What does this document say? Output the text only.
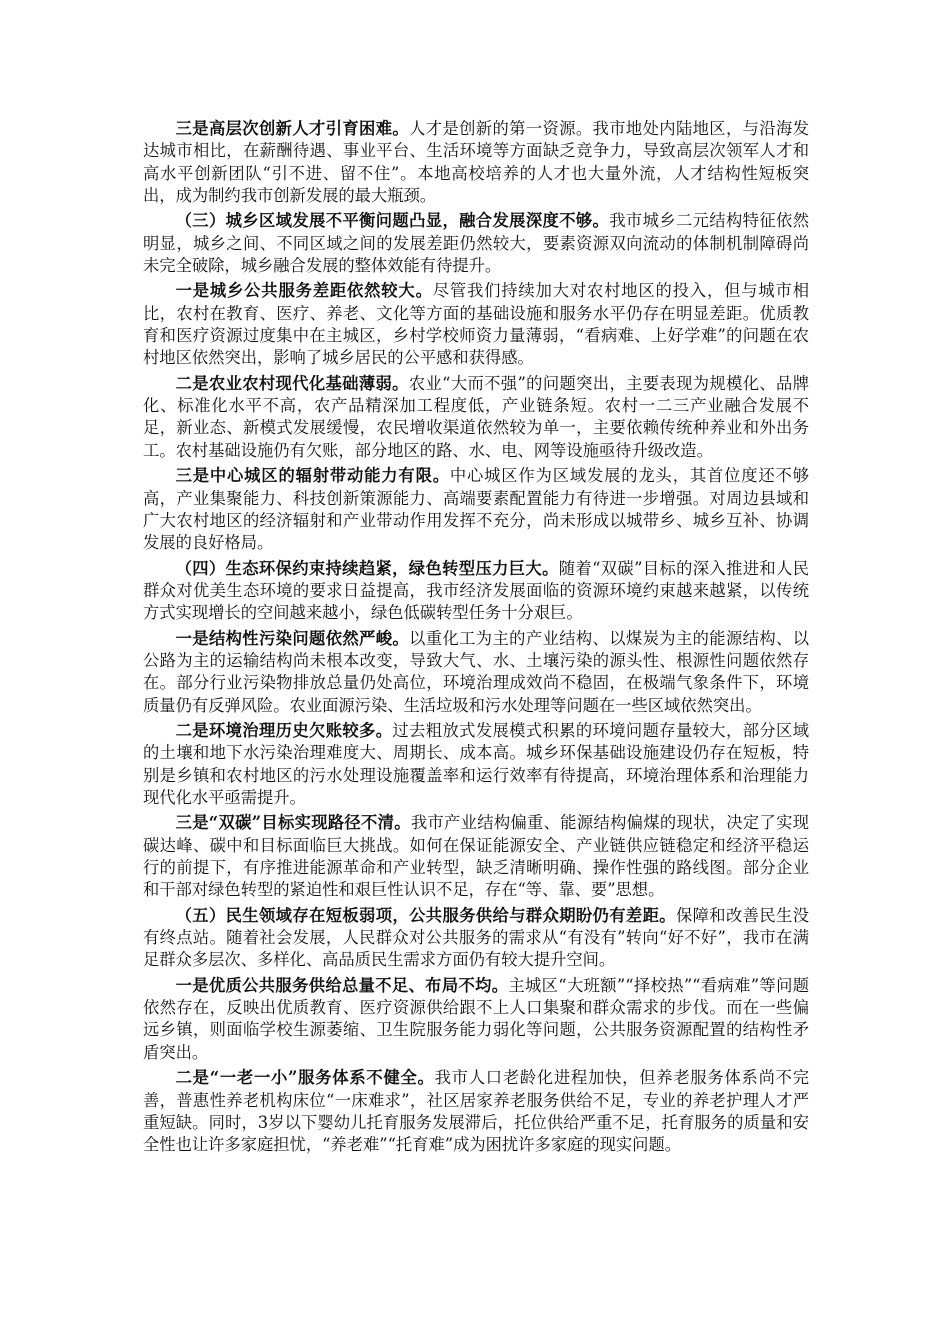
三是高层次创新人才引育困难。人才是创新的第一资源。我市地处内陆地区，与沿海发达城市相比，在薪酬待遇、事业平台、生活环境等方面缺乏竞争力，导致高层次领军人才和高水平创新团队“引不进、留不住”。本地高校培养的人才也大量外流，人才结构性短板突出，成为制约我市创新发展的最大瓶颈。

（三）城乡区域发展不平衡问题凸显，融合发展深度不够。我市城乡二元结构特征依然明显，城乡之间、不同区域之间的发展差距仍然较大，要素资源双向流动的体制机制障碍尚未完全破除，城乡融合发展的整体效能有待提升。

一是城乡公共服务差距依然较大。尽管我们持续加大对农村地区的投入，但与城市相比，农村在教育、医疗、养老、文化等方面的基础设施和服务水平仍存在明显差距。优质教育和医疗资源过度集中在主城区，乡村学校师资力量薄弱，“看病难、上好学难”的问题在农村地区依然突出，影响了城乡居民的公平感和获得感。

二是农业农村现代化基础薄弱。农业“大而不强”的问题突出，主要表现为规模化、品牌化、标准化水平不高，农产品精深加工程度低，产业链条短。农村一二三产业融合发展不足，新业态、新模式发展缓慢，农民增收渠道依然较为单一，主要依赖传统种养业和外出务工。农村基础设施仍有欠账，部分地区的路、水、电、网等设施亟待升级改造。

三是中心城区的辐射带动能力有限。中心城区作为区域发展的龙头，其首位度还不够高，产业集聚能力、科技创新策源能力、高端要素配置能力有待进一步增强。对周边县域和广大农村地区的经济辐射和产业带动作用发挥不充分，尚未形成以城带乡、城乡互补、协调发展的良好格局。

（四）生态环保约束持续趋紧，绿色转型压力巨大。随着“双碳”目标的深入推进和人民群众对优美生态环境的要求日益提高，我市经济发展面临的资源环境约束越来越紧，以传统方式实现增长的空间越来越小，绿色低碳转型任务十分艰巨。

一是结构性污染问题依然严峻。以重化工为主的产业结构、以煤炭为主的能源结构、以公路为主的运输结构尚未根本改变，导致大气、水、土壤污染的源头性、根源性问题依然存在。部分行业污染物排放总量仍处高位，环境治理成效尚不稳固，在极端气象条件下，环境质量仍有反弹风险。农业面源污染、生活垃圾和污水处理等问题在一些区域依然突出。

二是环境治理历史欠账较多。过去粗放式发展模式积累的环境问题存量较大，部分区域的土壤和地下水污染治理难度大、周期长、成本高。城乡环保基础设施建设仍存在短板，特别是乡镇和农村地区的污水处理设施覆盖率和运行效率有待提高，环境治理体系和治理能力现代化水平亟需提升。

三是“双碳”目标实现路径不清。我市产业结构偏重、能源结构偏煤的现状，决定了实现碳达峰、碳中和目标面临巨大挑战。如何在保证能源安全、产业链供应链稳定和经济平稳运行的前提下，有序推进能源革命和产业转型，缺乏清晰明确、操作性强的路线图。部分企业和干部对绿色转型的紧迫性和艰巨性认识不足，存在“等、靠、要”思想。

（五）民生领域存在短板弱项，公共服务供给与群众期盼仍有差距。保障和改善民生没有终点站。随着社会发展，人民群众对公共服务的需求从“有没有”转向“好不好”，我市在满足群众多层次、多样化、高品质民生需求方面仍有较大提升空间。

一是优质公共服务供给总量不足、布局不均。主城区“大班额”“择校热”“看病难”等问题依然存在，反映出优质教育、医疗资源供给跟不上人口集聚和群众需求的步伐。而在一些偏远乡镇，则面临学校生源萎缩、卫生院服务能力弱化等问题，公共服务资源配置的结构性矛盾突出。

二是“一老一小”服务体系不健全。我市人口老龄化进程加快，但养老服务体系尚不完善，普惠性养老机构床位“一床难求”，社区居家养老服务供给不足，专业的养老护理人才严重短缺。同时，3岁以下婴幼儿托育服务发展滞后，托位供给严重不足，托育服务的质量和安全性也让许多家庭担忧，“养老难”“托育难”成为困扰许多家庭的现实问题。
